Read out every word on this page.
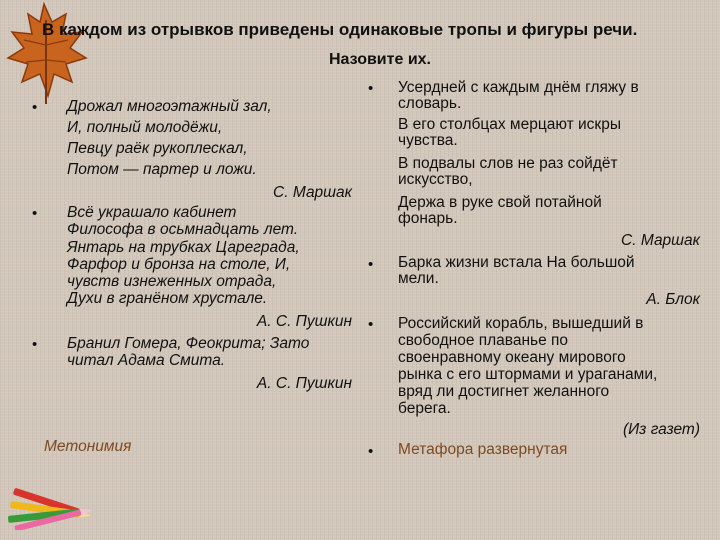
В каждом из отрывков приведены одинаковые тропы и фигуры речи.
Назовите их.
• Дрожал многоэтажный зал,
И, полный молодёжи,
Певцу раёк рукоплескал,
Потом — партер и ложи.
С. Маршак
• Всё украшало кабинет
Философа в осьмнадцать лет.
Янтарь на трубках Цареграда,
Фарфор и бронза на столе, И,
чувств изнеженных отрада,
Духи в гранёном хрустале.
А. С. Пушкин
• Бранил Гомера, Феокрита; Зато
читал Адама Смита.
А. С. Пушкин
Метонимия
• Усердней с каждым днём гляжу в
словарь.
В его столбцах мерцают искры
чувства.
В подвалы слов не раз сойдёт
искусство,
Держа в руке свой потайной
фонарь.
С. Маршак
• Барка жизни встала На большой
мели.
А. Блок
• Российский корабль, вышедший в
свободное плаванье по
своенравному океану мирового
рынка с его штормами и ураганами,
вряд ли достигнет желанного
берега.
(Из газет)
• Метафора развернутая
